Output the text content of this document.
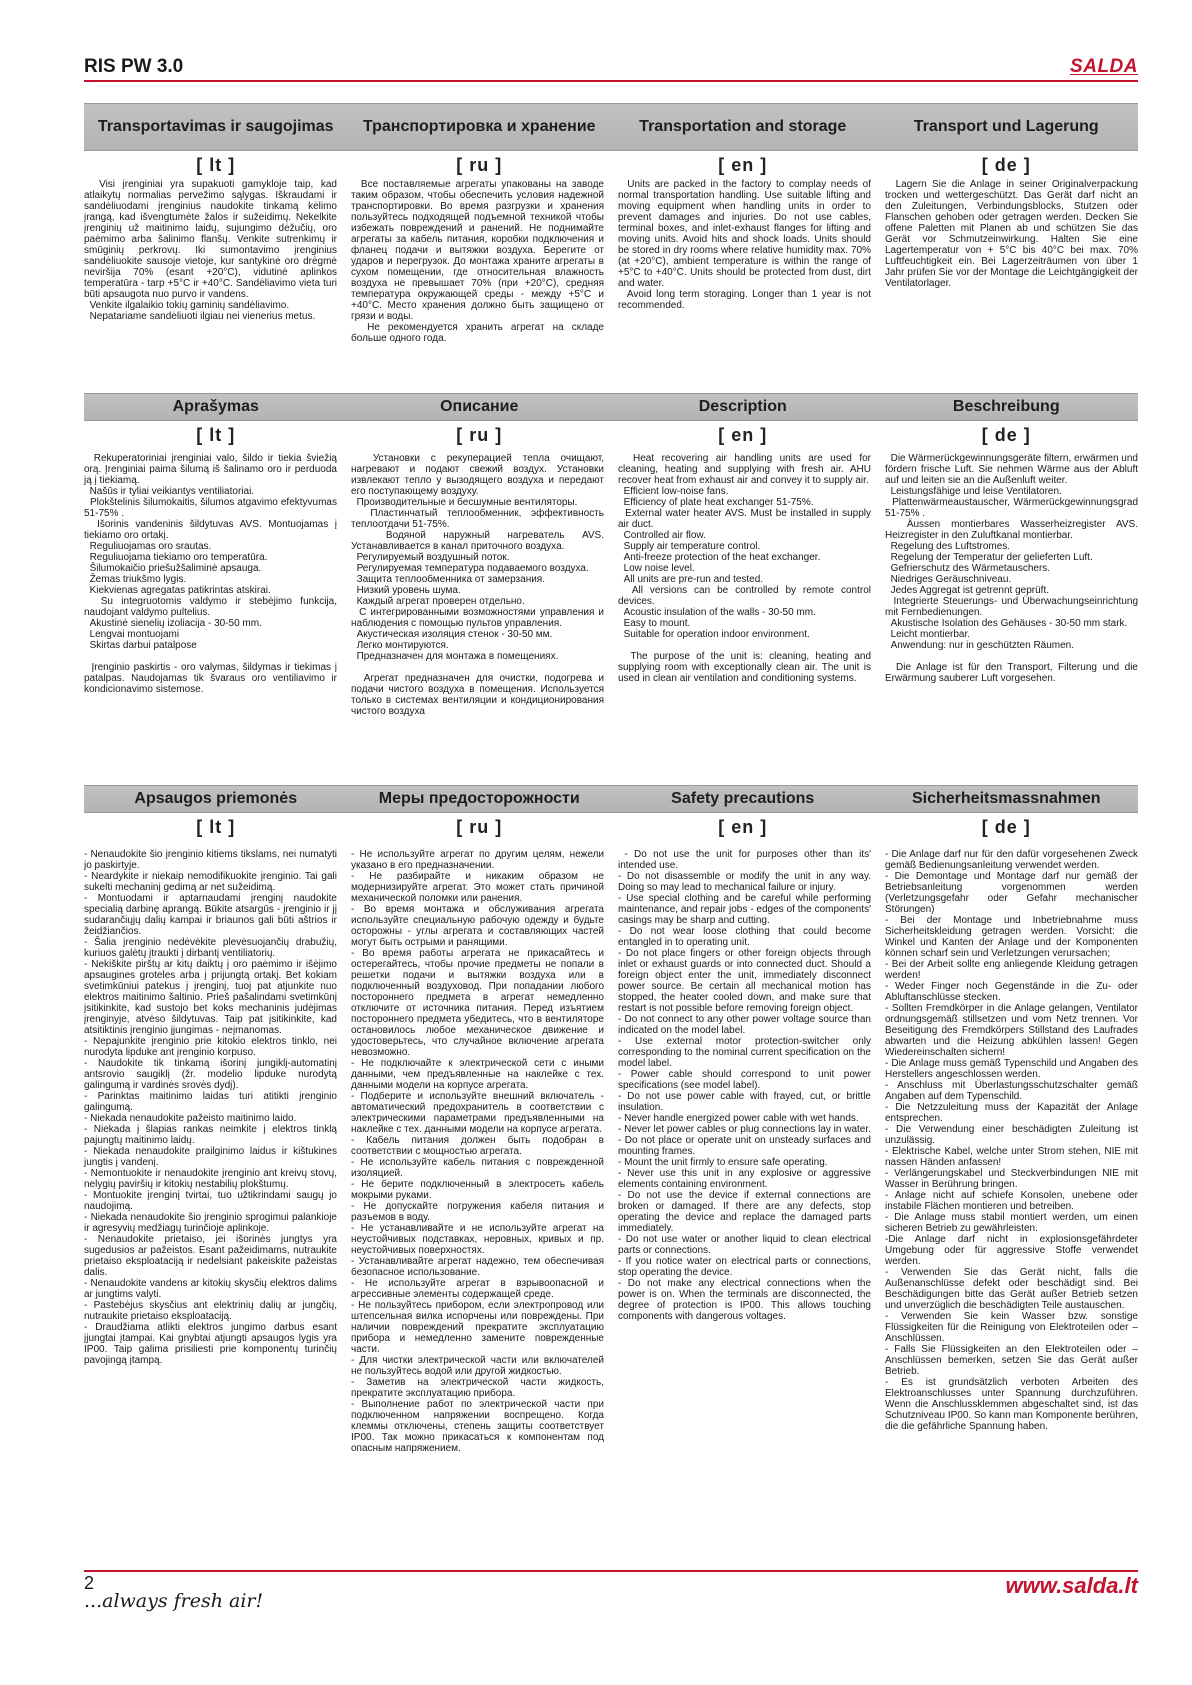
RIS PW 3.0	SALDA
Transportavimas ir saugojimas	Транспортировка и хранение	Transportation and storage	Transport und Lagerung
[ lt ]	[ ru ]	[ en ]	[ de ]
Visi įrenginiai yra supakuoti gamykloje taip, kad atlaikytų normalias pervežimo sąlygas. Iškraudami ir sandėliuodami įrenginius naudokite tinkamą kėlimo įrangą, kad išvengtumėte žalos ir sužeidimų. Nekelkite įrenginių už maitinimo laidų, sujungimo dėžučių, oro paėmimo arba šalinimo flanšų. Venkite sutrenkimų ir smūginių perkrovų. Iki sumontavimo įrenginius sandėliuokite sausoje vietoje, kur santykinė oro drėgmė neviršija 70% (esant +20°C), vidutinė aplinkos temperatūra - tarp +5°C ir +40°C. Sandėliavimo vieta turi būti apsaugota nuo purvo ir vandens.
Venkite ilgalaikio tokių gaminių sandėliavimo.
Nepatariame sandėliuoti ilgiau nei vienerius metus.
Все поставляемые агрегаты упакованы на заводе таким образом, чтобы обеспечить условия надежной транспортировки. Во время разгрузки и хранения пользуйтесь подходящей подъемной техникой чтобы избежать повреждений и ранений. Не поднимайте агрегаты за кабель питания, коробки подключения и фланец подачи и вытяжки воздуха. Берегите от ударов и перегрузок. До монтажа храните агрегаты в сухом помещении, где относительная влажность воздуха не превышает 70% (при +20°C), средняя температура окружающей среды - между +5°C и +40°C. Место хранения должно быть защищено от грязи и воды.
Не рекомендуется хранить агрегат на складе больше одного года.
Units are packed in the factory to complay needs of normal transportation handling. Use suitable lifting and moving equipment when handling units in order to prevent damages and injuries. Do not use cables, terminal boxes, and inlet-exhaust flanges for lifting and moving units. Avoid hits and shock loads. Units should be stored in dry rooms where relative humidity max. 70% (at +20°C), ambient temperature is within the range of +5°C to +40°C. Units should be protected from dust, dirt and water.
Avoid long term storaging. Longer than 1 year is not recommended.
Lagern Sie die Anlage in seiner Originalverpackung trocken und wettergeschützt. Das Gerät darf nicht an den Zuleitungen, Verbindungsblocks, Stutzen oder Flanschen gehoben oder getragen werden. Decken Sie offene Paletten mit Planen ab und schützen Sie das Gerät vor Schmutzeinwirkung. Halten Sie eine Lagertemperatur von + 5°C bis 40°C bei max. 70% Luftfeuchtigkeit ein. Bei Lagerzeiträumen von über 1 Jahr prüfen Sie vor der Montage die Leichtgängigkeit der Ventilatorlager.
Aprašymas	Описание	Description	Beschreibung
[ lt ]	[ ru ]	[ en ]	[ de ]
Rekuperatoriniai įrenginiai valo, šildo ir tiekia šviežią orą. Įrenginiai paima šilumą iš šalinamo oro ir perduoda ją į tiekiamą.
Našūs ir tyliai veikiantys ventiliatoriai.
Plokštelinis šilumokaitis, šilumos atgavimo efektyvumas 51-75% .
Išorinis vandeninis šildytuvas AVS. Montuojamas į tiekiamo oro ortakį.
Reguliuojamas oro srautas.
Reguliuojama tiekiamo oro temperatūra.
Šilumokaičio priešužšaliminė apsauga.
Žemas triukšmo lygis.
Kiekvienas agregatas patikrintas atskirai.
Su integruotomis valdymo ir stebėjimo funkcija, naudojant valdymo pultelius.
Akustinė sienelių izoliacija - 30-50 mm.
Lengvai montuojami
Skirtas darbui patalpose

Įrenginio paskirtis - oro valymas, šildymas ir tiekimas į patalpas. Naudojamas tik švaraus oro ventiliavimo ir kondicionavimo sistemose.
Установки с рекуперацией тепла очищают, нагревают и подают свежий воздух. Установки извлекают тепло у вызодящего воздуха и передают его поступающему воздуху.
Производительные и бесшумные вентиляторы.
Пластинчатый теплообменник, эффективность теплоотдачи 51-75%.
Водяной наружный нагреватель AVS. Устанавливается в канал приточного воздуха.
Регулируемый воздушный поток.
Регулируемая температура подаваемого воздуха.
Защита теплообменника от замерзания.
Низкий уровень шума.
Каждый агрегат проверен отдельно.
С интегрированными возможностями управления и наблюдения с помощью пультов управления.
Акустическая изоляция стенок - 30-50 мм.
Легко монтируются.
Предназначен для монтажа в помещениях.

Агрегат предназначен для очистки, подогрева и подачи чистого воздуха в помещения. Используется только в системах вентиляции и кондиционирования чистого воздуха
Heat recovering air handling units are used for cleaning, heating and supplying with fresh air. AHU recover heat from exhaust air and convey it to supply air.
Efficient low-noise fans.
Efficiency of plate heat exchanger 51-75%.
External water heater AVS. Must be installed in supply air duct.
Controlled air flow.
Supply air temperature control.
Anti-freeze protection of the heat exchanger.
Low noise level.
All units are pre-run and tested.
All versions can be controlled by remote control devices.
Acoustic insulation of the walls - 30-50 mm.
Easy to mount.
Suitable for operation indoor environment.

The purpose of the unit is: cleaning, heating and supplying room with exceptionally clean air. The unit is used in clean air ventilation and conditioning systems.
Die Wärmerückgewinnungsgeräte filtern, erwärmen und fördern frische Luft. Sie nehmen Wärme aus der Abluft auf und leiten sie an die Außenluft weiter.
Leistungsfähige und leise Ventilatoren.
Plattenwärmeaustauscher, Wärmerückgewinnungsgrad 51-75% .
Äussen montierbares Wasserheizregister AVS. Heizregister in den Zuluftkanal montierbar.
Regelung des Luftstromes.
Regelung der Temperatur der gelieferten Luft.
Gefrierschutz des Wärmetauschers.
Niedriges Geräuschniveau.
Jedes Aggregat ist getrennt geprüft.
Integrierte Steuerungs- und Überwachungseinrichtung mit Fernbedienungen.
Akustische Isolation des Gehäuses - 30-50 mm stark.
Leicht montierbar.
Anwendung: nur in geschützten Räumen.

Die Anlage ist für den Transport, Filterung und die Erwärmung sauberer Luft vorgesehen.
Apsaugos priemonės	Меры предосторожности	Safety precautions	Sicherheitsmassnahmen
[ lt ]	[ ru ]	[ en ]	[ de ]
- Nenaudokite šio įrenginio kitiems tikslams, nei numatyti jo paskirtyje.
- Neardykite ir niekaip nemodifikuokite įrenginio. Tai gali sukelti mechaninį gedimą ar net sužeidimą.
- Montuodami ir aptarnaudami įrenginį naudokite specialią darbinę aprangą. Būkite atsargūs - įrenginio ir jį sudarančiųjų dalių kampai ir briaunos gali būti aštrios ir žeidžiančios.
- Šalia įrenginio nedėvėkite plevėsuojančių drabužių, kuriuos galėtų įtraukti į dirbantį ventiliatorių.
- Nekiškite pirštų ar kitų daiktų į oro paėmimo ir išėjimo apsaugines groteles arba į prijungtą ortakį. Bet kokiam svetimkūniui patekus į įrenginį, tuoj pat atjunkite nuo elektros maitinimo šaltinio. Prieš pašalindami svetimkūnį įsitikinkite, kad sustojo bet koks mechaninis judėjimas įrenginyje, atvėso šildytuvas. Taip pat įsitikinkite, kad atsitiktinis įrenginio įjungimas - neįmanomas.
- Nepajunkite įrenginio prie kitokio elektros tinklo, nei nurodyta lipduke ant įrenginio korpuso.
- Naudokite tik tinkamą išorinį jungiklį-automatinį antsrovio saugiklį (žr. modelio lipduke nurodytą galingumą ir vardinės srovės dydį).
- Parinktas maitinimo laidas turi atitikti įrenginio galingumą.
- Niekada nenaudokite pažeisto maitinimo laido.
- Niekada į šlapias rankas neimkite į elektros tinklą pajungtų maitinimo laidų.
- Niekada nenaudokite prailginimo laidus ir kištukines jungtis į vandenį.
- Nemontuokite ir nenaudokite įrenginio ant kreivų stovų, nelygių paviršių ir kitokių nestabilių plokštumų.
- Montuokite įrenginį tvirtai, tuo užtikrindami saugų jo naudojimą.
- Niekada nenaudokite šio įrenginio sprogimui palankioje ir agresyvių medžiagų turinčioje aplinkoje.
- Nenaudokite prietaiso, jei išorinės jungtys yra sugedusios ar pažeistos. Esant pažeidimams, nutraukite prietaiso eksploataciją ir nedelsiant pakeiskite pažeistas dalis.
- Nenaudokite vandens ar kitokių skysčių elektros dalims ar jungtims valyti.
- Pastebėjus skysčius ant elektrinių dalių ar jungčių, nutraukite prietaiso eksploataciją.
- Draudžiama atlikti elektros jungimo darbus esant įjungtai įtampai. Kai gnybtai atjungti apsaugos lygis yra IP00. Taip galima prisiliesti prie komponentų turinčių pavojingą įtampą.
- Не используйте агрегат по другим целям, нежели указано в его предназначении.
- Не разбирайте и никаким образом не модернизируйте агрегат. Это может стать причиной механической поломки или ранения.
- Во время монтажа и обслуживания агрегата используйте специальную рабочую одежду и будьте осторожны - углы агрегата и составляющих частей могут быть острыми и ранящими.
- Во время работы агрегата не прикасайтесь и остерегайтесь, чтобы прочие предметы не попали в решетки подачи и вытяжки воздуха или в подключенный воздуховод. При попадании любого постороннего предмета в агрегат немедленно отключите от источника питания. Перед изъятием постороннего предмета убедитесь, что в вентиляторе остановилось любое механическое движение и удостоверьтесь, что случайное включение агрегата невозможно.
- Не подключайте к электрической сети с иными данными, чем предъявленные на наклейке с тех. данными модели на корпусе агрегата.
- Подберите и используйте внешний включатель - автоматический предохранитель в соответствии с электрическими параметрами предъявленными на наклейке с тех. данными модели на корпусе агрегата.
- Кабель питания должен быть подобран в соответствии с мощностью агрегата.
- Не используйте кабель питания с поврежденной изоляцией.
- Не берите подключенный в электросеть кабель мокрыми руками.
- Не допускайте погружения кабеля питания и разъемов в воду.
- Не устанавливайте и не используйте агрегат на неустойчивых подставках, неровных, кривых и пр. неустойчивых поверхностях.
- Устанавливайте агрегат надежно, тем обеспечивая безопасное использование.
- Не используйте агрегат в взрывоопасной и агрессивные элементы содержащей среде.
- Не пользуйтесь прибором, если электропровод или штепсельная вилка испорчены или повреждены. При наличии повреждений прекратите эксплуатацию прибора и немедленно замените поврежденные части.
- Для чистки электрической части или включателей не пользуйтесь водой или другой жидкостью.
- Заметив на электрической части жидкость, прекратите эксплуатацию прибора.
- Выполнение работ по электрической части при подключенном напряжении воспрещено. Когда клеммы отключены, степень защиты соответствует IP00. Так можно прикасаться к компонентам под опасным напряжением.
- Do not use the unit for purposes other than its' intended use.
- Do not disassemble or modify the unit in any way. Doing so may lead to mechanical failure or injury.
- Use special clothing and be careful while performing maintenance, and repair jobs - edges of the components' casings may be sharp and cutting.
- Do not wear loose clothing that could become entangled in to operating unit.
- Do not place fingers or other foreign objects through inlet or exhaust guards or into connected duct. Should a foreign object enter the unit, immediately disconnect power source. Be certain all mechanical motion has stopped, the heater cooled down, and make sure that restart is not possible before removing foreign object.
- Do not connect to any other power voltage source than indicated on the model label.
- Use external motor protection-switcher only corresponding to the nominal current specification on the model label.
- Power cable should correspond to unit power specifications (see model label).
- Do not use power cable with frayed, cut, or brittle insulation.
- Never handle energized power cable with wet hands.
- Never let power cables or plug connections lay in water.
- Do not place or operate unit on unsteady surfaces and mounting frames.
- Mount the unit firmly to ensure safe operating.
- Never use this unit in any explosive or aggressive elements containing environment.
- Do not use the device if external connections are broken or damaged. If there are any defects, stop operating the device and replace the damaged parts immediately.
- Do not use water or another liquid to clean electrical parts or connections.
- If you notice water on electrical parts or connections, stop operating the device.
- Do not make any electrical connections when the power is on. When the terminals are disconnected, the degree of protection is IP00. This allows touching components with dangerous voltages.
- Die Anlage darf nur für den dafür vorgesehenen Zweck gemäß Bedienungsanleitung verwendet werden.
- Die Demontage und Montage darf nur gemäß der Betriebsanleitung vorgenommen werden (Verletzungsgefahr oder Gefahr mechanischer Störungen)
- Bei der Montage und Inbetriebnahme muss Sicherheitskleidung getragen werden. Vorsicht: die Winkel und Kanten der Anlage und der Komponenten können scharf sein und Verletzungen verursachen;
- Bei der Arbeit sollte eng anliegende Kleidung getragen werden!
- Weder Finger noch Gegenstände in die Zu- oder Abluftanschlüsse stecken.
- Sollten Fremdkörper in die Anlage gelangen, Ventilator ordnungsgemäß stillsetzen und vom Netz trennen. Vor Beseitigung des Fremdkörpers Stillstand des Laufrades abwarten und die Heizung abkühlen lassen! Gegen Wiedereinschalten sichern!
- Die Anlage muss gemäß Typenschild und Angaben des Herstellers angeschlossen werden.
- Anschluss mit Überlastungsschutzschalter gemäß Angaben auf dem Typenschild.
- Die Netzzuleitung muss der Kapazität der Anlage entsprechen.
- Die Verwendung einer beschädigten Zuleitung ist unzulässig.
- Elektrische Kabel, welche unter Strom stehen, NIE mit nassen Händen anfassen!
- Verlängerungskabel und Steckverbindungen NIE mit Wasser in Berührung bringen.
- Anlage nicht auf schiefe Konsolen, unebene oder instabile Flächen montieren und betreiben.
- Die Anlage muss stabil montiert werden, um einen sicheren Betrieb zu gewährleisten.
-Die Anlage darf nicht in explosionsgefährdeter Umgebung oder für aggressive Stoffe verwendet werden.
- Verwenden Sie das Gerät nicht, falls die Außenanschlüsse defekt oder beschädigt sind. Bei Beschädigungen bitte das Gerät außer Betrieb setzen und unverzüglich die beschädigten Teile austauschen.
- Verwenden Sie kein Wasser bzw. sonstige Flüssigkeiten für die Reinigung von Elektroteilen oder –Anschlüssen.
- Falls Sie Flüssigkeiten an den Elektroteilen oder –Anschlüssen bemerken, setzen Sie das Gerät außer Betrieb.
- Es ist grundsätzlich verboten Arbeiten des Elektroanschlusses unter Spannung durchzuführen. Wenn die Anschlussklemmen abgeschaltet sind, ist das Schutzniveau IP00. So kann man Komponente berühren, die die gefährliche Spannung haben.
2
...always fresh air!
www.salda.lt
